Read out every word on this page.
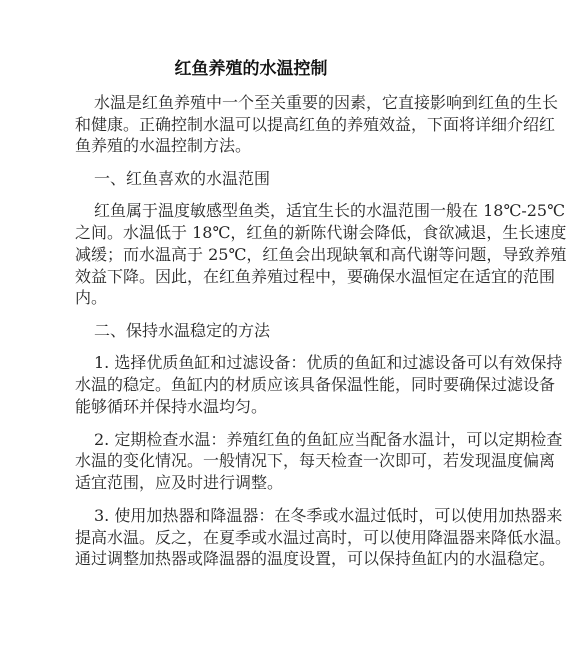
红鱼养殖的水温控制
水温是红鱼养殖中一个至关重要的因素，它直接影响到红鱼的生长
和健康。正确控制水温可以提高红鱼的养殖效益，下面将详细介绍红
鱼养殖的水温控制方法。
一、红鱼喜欢的水温范围
红鱼属于温度敏感型鱼类，适宜生长的水温范围一般在 18℃-25℃
之间。水温低于 18℃，红鱼的新陈代谢会降低，食欲减退，生长速度
减缓；而水温高于 25℃，红鱼会出现缺氧和高代谢等问题，导致养殖
效益下降。因此，在红鱼养殖过程中，要确保水温恒定在适宜的范围
内。
二、保持水温稳定的方法
1. 选择优质鱼缸和过滤设备：优质的鱼缸和过滤设备可以有效保持
水温的稳定。鱼缸内的材质应该具备保温性能，同时要确保过滤设备
能够循环并保持水温均匀。
2. 定期检查水温：养殖红鱼的鱼缸应当配备水温计，可以定期检查
水温的变化情况。一般情况下，每天检查一次即可，若发现温度偏离
适宜范围，应及时进行调整。
3. 使用加热器和降温器：在冬季或水温过低时，可以使用加热器来
提高水温。反之，在夏季或水温过高时，可以使用降温器来降低水温。
通过调整加热器或降温器的温度设置，可以保持鱼缸内的水温稳定。
